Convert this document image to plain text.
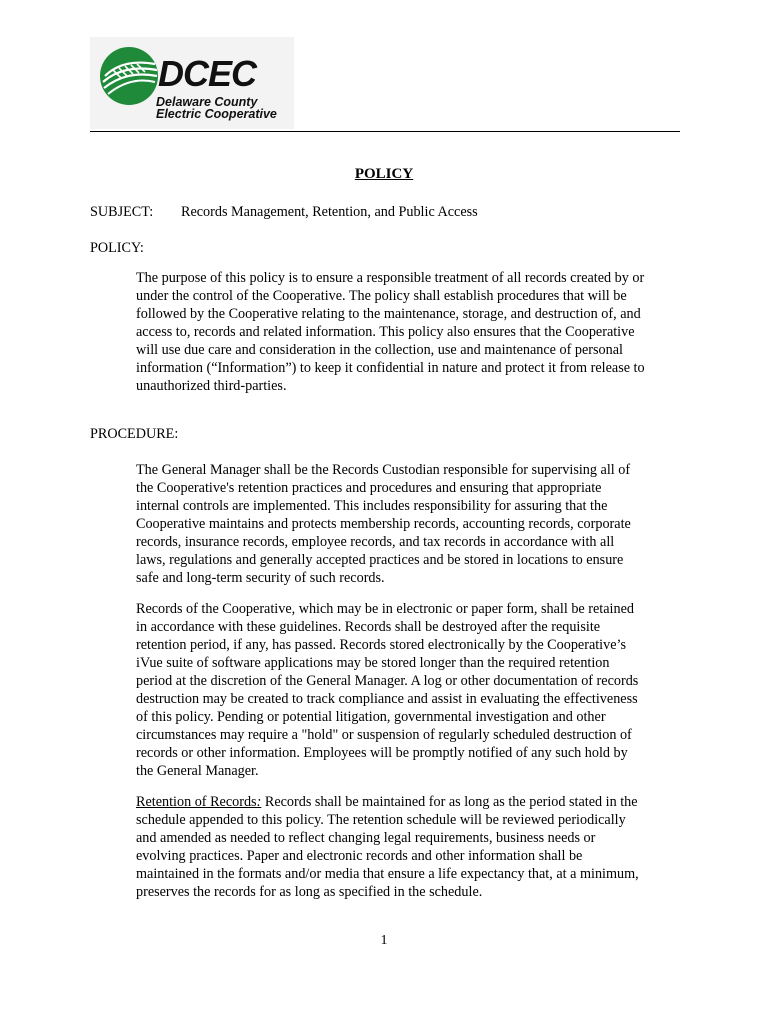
DCEC
Delaware County
Electric Cooperative
POLICY
SUBJECT: Records Management, Retention, and Public Access
POLICY:
The purpose of this policy is to ensure a responsible treatment of all records created by or
under the control of the Cooperative. The policy shall establish procedures that will be
followed by the Cooperative relating to the maintenance, storage, and destruction of, and
access to, records and related information. This policy also ensures that the Cooperative
will use due care and consideration in the collection, use and maintenance of personal
information (“Information”) to keep it confidential in nature and protect it from release to
unauthorized third-parties.
PROCEDURE:
The General Manager shall be the Records Custodian responsible for supervising all of
the Cooperative's retention practices and procedures and ensuring that appropriate
internal controls are implemented. This includes responsibility for assuring that the
Cooperative maintains and protects membership records, accounting records, corporate
records, insurance records, employee records, and tax records in accordance with all
laws, regulations and generally accepted practices and be stored in locations to ensure
safe and long-term security of such records.
Records of the Cooperative, which may be in electronic or paper form, shall be retained
in accordance with these guidelines. Records shall be destroyed after the requisite
retention period, if any, has passed. Records stored electronically by the Cooperative’s
iVue suite of software applications may be stored longer than the required retention
period at the discretion of the General Manager. A log or other documentation of records
destruction may be created to track compliance and assist in evaluating the effectiveness
of this policy. Pending or potential litigation, governmental investigation and other
circumstances may require a "hold" or suspension of regularly scheduled destruction of
records or other information. Employees will be promptly notified of any such hold by
the General Manager.
Retention of Records: Records shall be maintained for as long as the period stated in the
schedule appended to this policy. The retention schedule will be reviewed periodically
and amended as needed to reflect changing legal requirements, business needs or
evolving practices. Paper and electronic records and other information shall be
maintained in the formats and/or media that ensure a life expectancy that, at a minimum,
preserves the records for as long as specified in the schedule.
1
